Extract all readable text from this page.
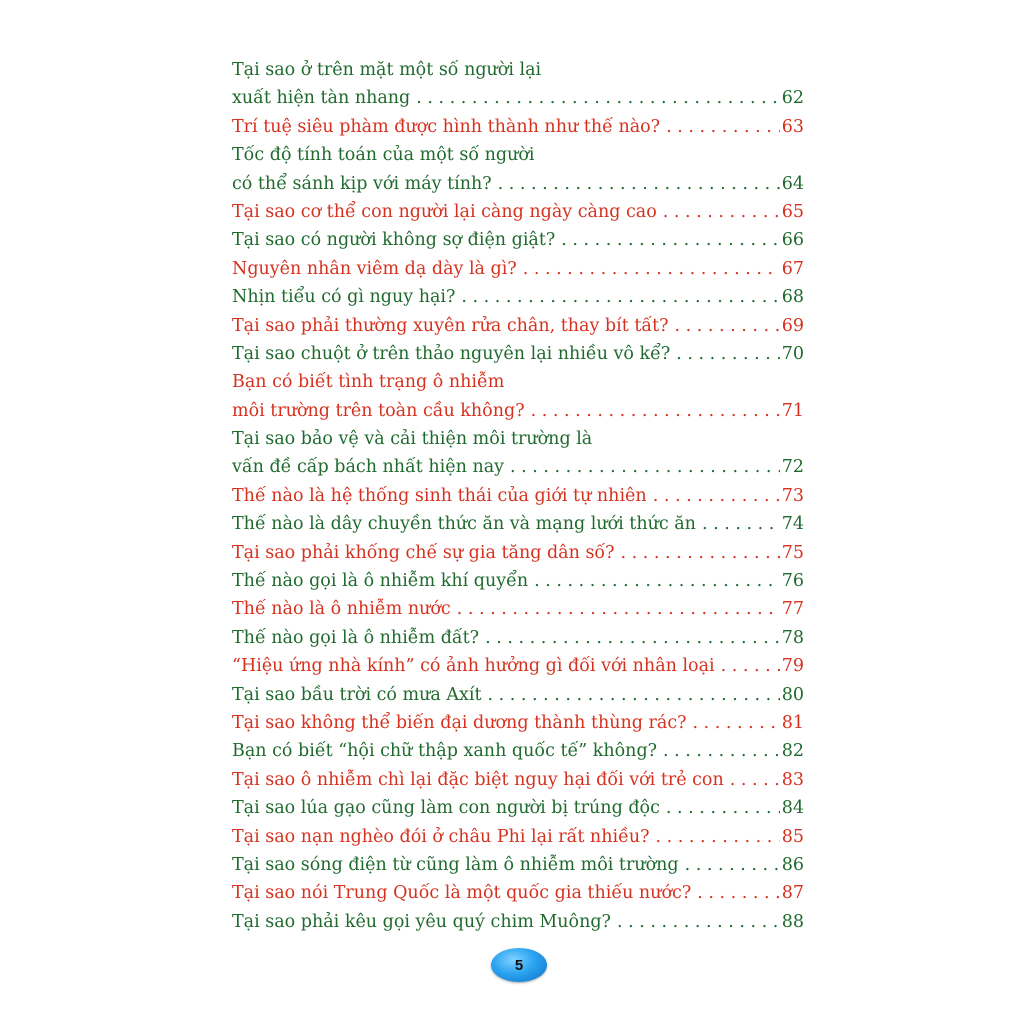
Tại sao ở trên mặt một số người lại
xuất hiện tàn nhang . . .	62
Trí tuệ siêu phàm được hình thành như thế nào? . . .	63
Tốc độ tính toán của một số người
có thể sánh kịp với máy tính? . . .	64
Tại sao cơ thể con người lại càng ngày càng cao . . .	65
Tại sao có người không sợ điện giật? . . .	66
Nguyên nhân viêm dạ dày là gì? . . .	67
Nhịn tiểu có gì nguy hại? . . .	68
Tại sao phải thường xuyên rửa chân, thay bít tất? . . .	69
Tại sao chuột ở trên thảo nguyên lại nhiều vô kể? . . .	70
Bạn có biết tình trạng ô nhiễm
môi trường trên toàn cầu không? . . .	71
Tại sao bảo vệ và cải thiện môi trường là
vấn đề cấp bách nhất hiện nay . . .	72
Thế nào là hệ thống sinh thái của giới tự nhiên . . .	73
Thế nào là dây chuyền thức ăn và mạng lưới thức ăn . . .	74
Tại sao phải khống chế sự gia tăng dân số? . . .	75
Thế nào gọi là ô nhiễm khí quyển . . .	76
Thế nào là ô nhiễm nước . . .	77
Thế nào gọi là ô nhiễm đất? . . .	78
“Hiệu ứng nhà kính” có ảnh hưởng gì đối với nhân loại . . .	79
Tại sao bầu trời có mưa Axít . . .	80
Tại sao không thể biến đại dương thành thùng rác? . . .	81
Bạn có biết “hội chữ thập xanh quốc tế” không? . . .	82
Tại sao ô nhiễm chì lại đặc biệt nguy hại đối với trẻ con . . .	83
Tại sao lúa gạo cũng làm con người bị trúng độc . . .	84
Tại sao nạn nghèo đói ở châu Phi lại rất nhiều? . . .	85
Tại sao sóng điện từ cũng làm ô nhiễm môi trường . . .	86
Tại sao nói Trung Quốc là một quốc gia thiếu nước? . . .	87
Tại sao phải kêu gọi yêu quý chim Muông? . . .	88
5
